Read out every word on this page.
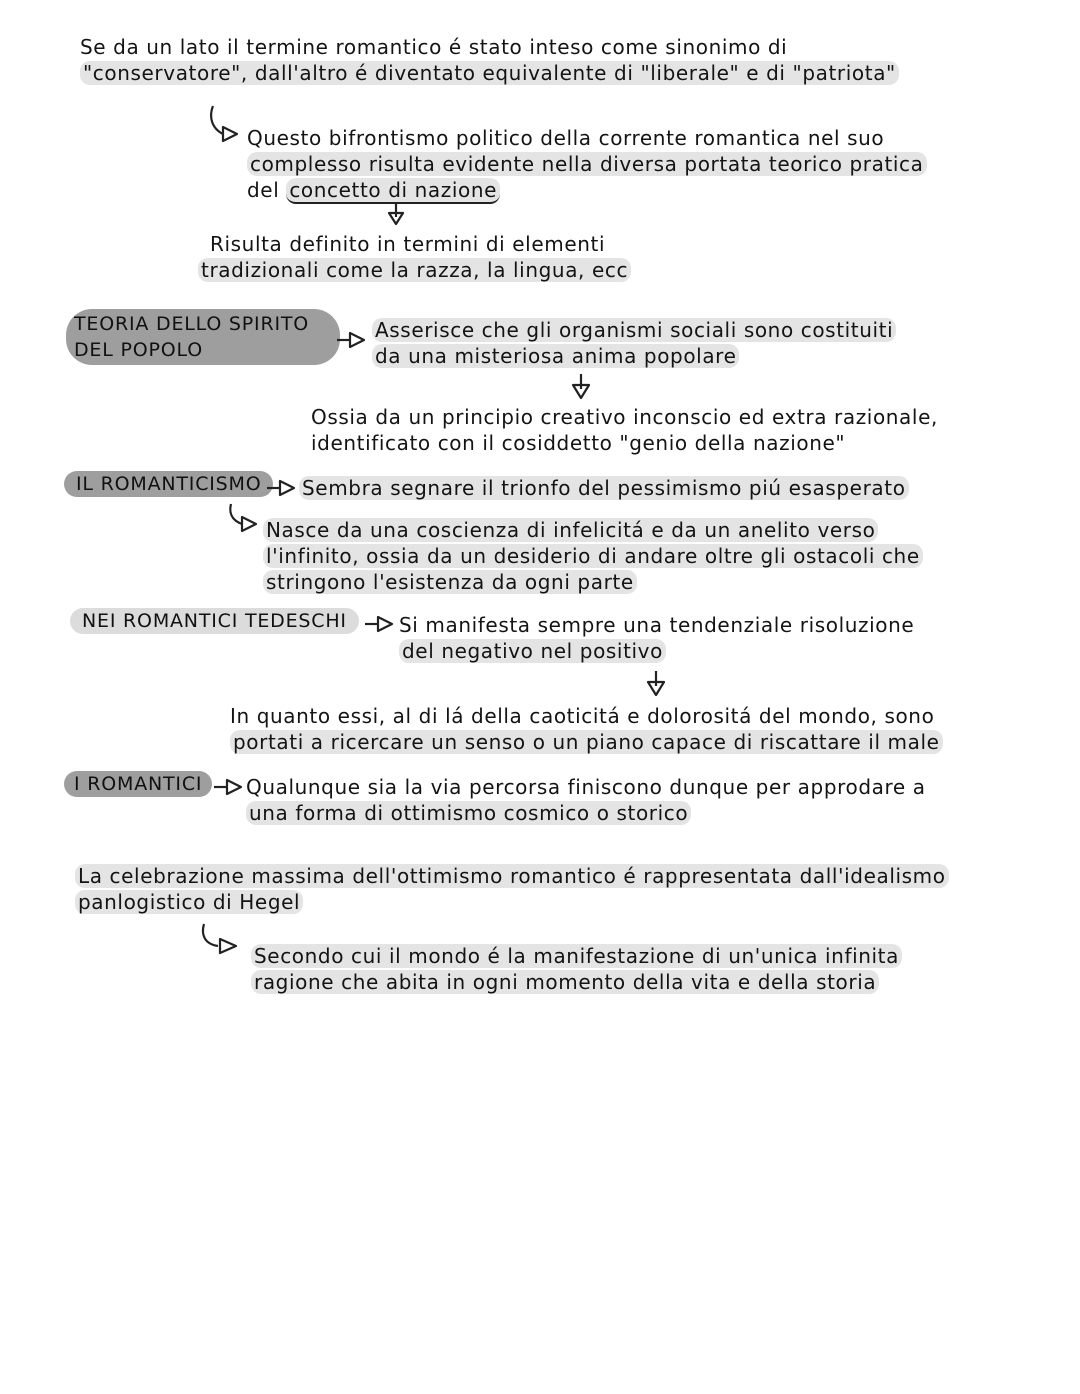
Se da un lato il termine romantico é stato inteso come sinonimo di
"conservatore", dall'altro é diventato equivalente di "liberale" e di "patriota"
Questo bifrontismo politico della corrente romantica nel suo
complesso risulta evidente nella diversa portata teorico pratica
del concetto di nazione
Risulta definito in termini di elementi
tradizionali come la razza, la lingua, ecc
TEORIA DELLO SPIRITO
DEL POPOLO
Asserisce che gli organismi sociali sono costituiti
da una misteriosa anima popolare
Ossia da un principio creativo inconscio ed extra razionale,
identificato con il cosiddetto "genio della nazione"
IL ROMANTICISMO	Sembra segnare il trionfo del pessimismo piú esasperato
Nasce da una coscienza di infelicitá e da un anelito verso
l'infinito, ossia da un desiderio di andare oltre gli ostacoli che
stringono l'esistenza da ogni parte
NEI ROMANTICI TEDESCHI	Si manifesta sempre una tendenziale risoluzione
del negativo nel positivo
In quanto essi, al di lá della caoticitá e dolorositá del mondo, sono
portati a ricercare un senso o un piano capace di riscattare il male
I ROMANTICI	Qualunque sia la via percorsa finiscono dunque per approdare a
una forma di ottimismo cosmico o storico
La celebrazione massima dell'ottimismo romantico é rappresentata dall'idealismo
panlogistico di Hegel
Secondo cui il mondo é la manifestazione di un'unica infinita
ragione che abita in ogni momento della vita e della storia
